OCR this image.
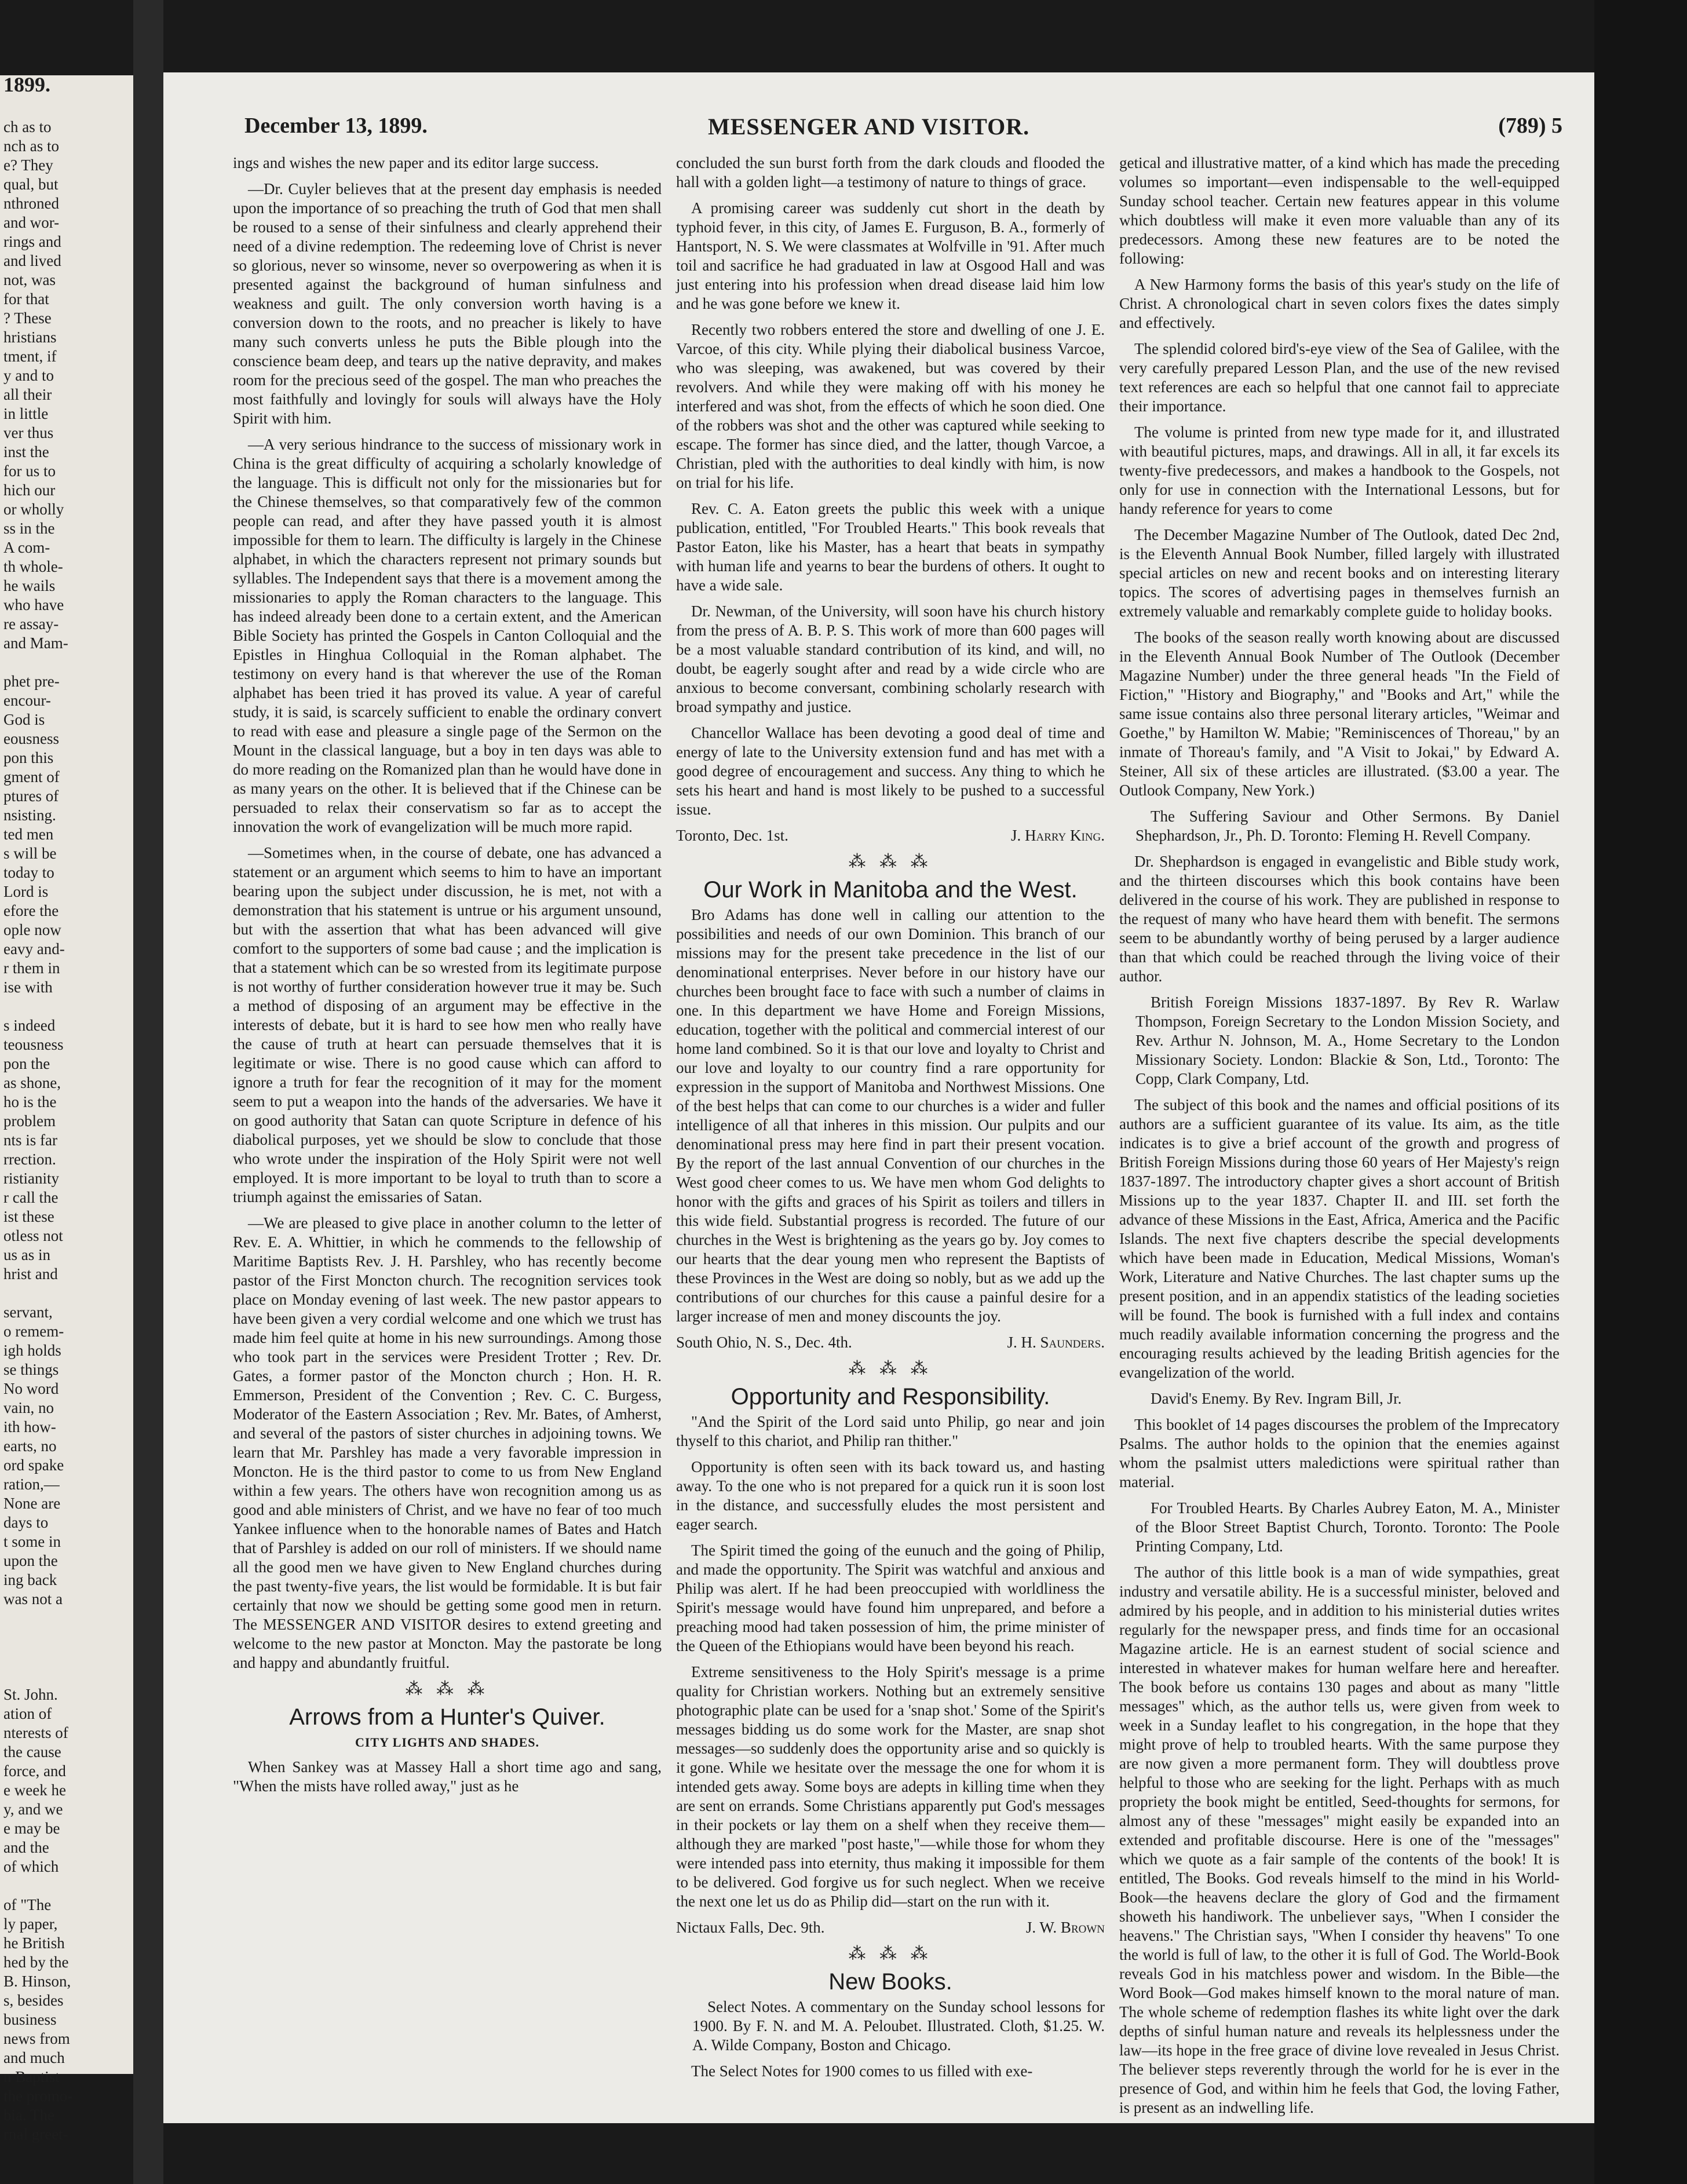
1899.
ch as to
nch as to
e? They
qual, but
nthroned
and wor-
rings and
and lived
not, was
for that
? These
hristians
tment, if
y and to
all their
in little
ver thus
inst the
for us to
hich our
or wholly
ss in the
A com-
th whole-
he wails
who have
re assay-
and Mam-

phet pre-
encour-
God is
eousness
pon this
gment of
ptures of
nsisting.
ted men
s will be
today to
Lord is
efore the
ople now
eavy and-
r them in
ise with

s indeed
teousness
pon the
as shone,
ho is the
problem
nts is far
rrection.
ristianity
r call the
ist these
otless not
us as in
hrist and

servant,
o remem-
igh holds
se things
No word
vain, no
ith how-
earts, no
ord spake
ration,—
None are
days to
t some in
upon the
ing back
was not a

St. John.
ation of
nterests of
the cause
force, and
e week he
y, and we
e may be
and the
of which

of "The
ly paper,
he British
hed by the
B. Hinson,
s, besides
business
news from
and much
n Baptist
the promo-
bia. The
rnal greet-
December 13, 1899.	MESSENGER AND VISITOR.	(789) 5

ings and wishes the new paper and its editor large success.

—Dr. Cuyler believes that at the present day emphasis is needed upon the importance of so preaching the truth of God that men shall be roused to a sense of their sinfulness and clearly apprehend their need of a divine redemption. The redeeming love of Christ is never so glorious, never so winsome, never so overpowering as when it is presented against the background of human sinfulness and weakness and guilt. The only conversion worth having is a conversion down to the roots, and no preacher is likely to have many such converts unless he puts the Bible plough into the conscience beam deep, and tears up the native depravity, and makes room for the precious seed of the gospel. The man who preaches the most faithfully and lovingly for souls will always have the Holy Spirit with him.

—A very serious hindrance to the success of missionary work in China is the great difficulty of acquiring a scholarly knowledge of the language. This is difficult not only for the missionaries but for the Chinese themselves, so that comparatively few of the common people can read, and after they have passed youth it is almost impossible for them to learn. The difficulty is largely in the Chinese alphabet, in which the characters represent not primary sounds but syllables. The Independent says that there is a movement among the missionaries to apply the Roman characters to the language. This has indeed already been done to a certain extent, and the American Bible Society has printed the Gospels in Canton Colloquial and the Epistles in Hinghua Colloquial in the Roman alphabet. The testimony on every hand is that wherever the use of the Roman alphabet has been tried it has proved its value. A year of careful study, it is said, is scarcely sufficient to enable the ordinary convert to read with ease and pleasure a single page of the Sermon on the Mount in the classical language, but a boy in ten days was able to do more reading on the Romanized plan than he would have done in as many years on the other. It is believed that if the Chinese can be persuaded to relax their conservatism so far as to accept the innovation the work of evangelization will be much more rapid.

—Sometimes when, in the course of debate, one has advanced a statement or an argument which seems to him to have an important bearing upon the subject under discussion, he is met, not with a demonstration that his statement is untrue or his argument unsound, but with the assertion that what has been advanced will give comfort to the supporters of some bad cause ; and the implication is that a statement which can be so wrested from its legitimate purpose is not worthy of further consideration however true it may be. Such a method of disposing of an argument may be effective in the interests of debate, but it is hard to see how men who really have the cause of truth at heart can persuade themselves that it is legitimate or wise. There is no good cause which can afford to ignore a truth for fear the recognition of it may for the moment seem to put a weapon into the hands of the adversaries. We have it on good authority that Satan can quote Scripture in defence of his diabolical purposes, yet we should be slow to conclude that those who wrote under the inspiration of the Holy Spirit were not well employed. It is more important to be loyal to truth than to score a triumph against the emissaries of Satan.

—We are pleased to give place in another column to the letter of Rev. E. A. Whittier, in which he commends to the fellowship of Maritime Baptists Rev. J. H. Parshley, who has recently become pastor of the First Moncton church. The recognition services took place on Monday evening of last week. The new pastor appears to have been given a very cordial welcome and one which we trust has made him feel quite at home in his new surroundings. Among those who took part in the services were President Trotter ; Rev. Dr. Gates, a former pastor of the Moncton church ; Hon. H. R. Emmerson, President of the Convention ; Rev. C. C. Burgess, Moderator of the Eastern Association ; Rev. Mr. Bates, of Amherst, and several of the pastors of sister churches in adjoining towns. We learn that Mr. Parshley has made a very favorable impression in Moncton. He is the third pastor to come to us from New England within a few years. The others have won recognition among us as good and able ministers of Christ, and we have no fear of too much Yankee influence when to the honorable names of Bates and Hatch that of Parshley is added on our roll of ministers. If we should name all the good men we have given to New England churches during the past twenty-five years, the list would be formidable. It is but fair certainly that now we should be getting some good men in return. The MESSENGER AND VISITOR desires to extend greeting and welcome to the new pastor at Moncton. May the pastorate be long and happy and abundantly fruitful.

⁂ ⁂ ⁂
Arrows from a Hunter's Quiver.
CITY LIGHTS AND SHADES.

When Sankey was at Massey Hall a short time ago and sang, "When the mists have rolled away," just as he

concluded the sun burst forth from the dark clouds and flooded the hall with a golden light—a testimony of nature to things of grace.

A promising career was suddenly cut short in the death by typhoid fever, in this city, of James E. Furguson, B. A., formerly of Hantsport, N. S. We were classmates at Wolfville in '91. After much toil and sacrifice he had graduated in law at Osgood Hall and was just entering into his profession when dread disease laid him low and he was gone before we knew it.

Recently two robbers entered the store and dwelling of one J. E. Varcoe, of this city. While plying their diabolical business Varcoe, who was sleeping, was awakened, but was covered by their revolvers. And while they were making off with his money he interfered and was shot, from the effects of which he soon died. One of the robbers was shot and the other was captured while seeking to escape. The former has since died, and the latter, though Varcoe, a Christian, pled with the authorities to deal kindly with him, is now on trial for his life.

Rev. C. A. Eaton greets the public this week with a unique publication, entitled, "For Troubled Hearts." This book reveals that Pastor Eaton, like his Master, has a heart that beats in sympathy with human life and yearns to bear the burdens of others. It ought to have a wide sale.

Dr. Newman, of the University, will soon have his church history from the press of A. B. P. S. This work of more than 600 pages will be a most valuable standard contribution of its kind, and will, no doubt, be eagerly sought after and read by a wide circle who are anxious to become conversant, combining scholarly research with broad sympathy and justice.

Chancellor Wallace has been devoting a good deal of time and energy of late to the University extension fund and has met with a good degree of encouragement and success. Any thing to which he sets his heart and hand is most likely to be pushed to a successful issue.

Toronto, Dec. 1st.	J. Harry King.
⁂ ⁂ ⁂
Our Work in Manitoba and the West.

Bro Adams has done well in calling our attention to the possibilities and needs of our own Dominion. This branch of our missions may for the present take precedence in the list of our denominational enterprises. Never before in our history have our churches been brought face to face with such a number of claims in one. In this department we have Home and Foreign Missions, education, together with the political and commercial interest of our home land combined. So it is that our love and loyalty to Christ and our love and loyalty to our country find a rare opportunity for expression in the support of Manitoba and Northwest Missions. One of the best helps that can come to our churches is a wider and fuller intelligence of all that inheres in this mission. Our pulpits and our denominational press may here find in part their present vocation. By the report of the last annual Convention of our churches in the West good cheer comes to us. We have men whom God delights to honor with the gifts and graces of his Spirit as toilers and tillers in this wide field. Substantial progress is recorded. The future of our churches in the West is brightening as the years go by. Joy comes to our hearts that the dear young men who represent the Baptists of these Provinces in the West are doing so nobly, but as we add up the contributions of our churches for this cause a painful desire for a larger increase of men and money discounts the joy.

South Ohio, N. S., Dec. 4th.	J. H. Saunders.
⁂ ⁂ ⁂
Opportunity and Responsibility.

"And the Spirit of the Lord said unto Philip, go near and join thyself to this chariot, and Philip ran thither."

Opportunity is often seen with its back toward us, and hasting away. To the one who is not prepared for a quick run it is soon lost in the distance, and successfully eludes the most persistent and eager search.

The Spirit timed the going of the eunuch and the going of Philip, and made the opportunity. The Spirit was watchful and anxious and Philip was alert. If he had been preoccupied with worldliness the Spirit's message would have found him unprepared, and before a preaching mood had taken possession of him, the prime minister of the Queen of the Ethiopians would have been beyond his reach.

Extreme sensitiveness to the Holy Spirit's message is a prime quality for Christian workers. Nothing but an extremely sensitive photographic plate can be used for a 'snap shot.' Some of the Spirit's messages bidding us do some work for the Master, are snap shot messages—so suddenly does the opportunity arise and so quickly is it gone. While we hesitate over the message the one for whom it is intended gets away. Some boys are adepts in killing time when they are sent on errands. Some Christians apparently put God's messages in their pockets or lay them on a shelf when they receive them—although they are marked "post haste,"—while those for whom they were intended pass into eternity, thus making it impossible for them to be delivered. God forgive us for such neglect. When we receive the next one let us do as Philip did—start on the run with it.

Nictaux Falls, Dec. 9th.	J. W. Brown
⁂ ⁂ ⁂
New Books.

Select Notes. A commentary on the Sunday school lessons for 1900. By F. N. and M. A. Peloubet. Illustrated. Cloth, $1.25. W. A. Wilde Company, Boston and Chicago.

The Select Notes for 1900 comes to us filled with exe-

getical and illustrative matter, of a kind which has made the preceding volumes so important—even indispensable to the well-equipped Sunday school teacher. Certain new features appear in this volume which doubtless will make it even more valuable than any of its predecessors. Among these new features are to be noted the following:

A New Harmony forms the basis of this year's study on the life of Christ. A chronological chart in seven colors fixes the dates simply and effectively.

The splendid colored bird's-eye view of the Sea of Galilee, with the very carefully prepared Lesson Plan, and the use of the new revised text references are each so helpful that one cannot fail to appreciate their importance.

The volume is printed from new type made for it, and illustrated with beautiful pictures, maps, and drawings. All in all, it far excels its twenty-five predecessors, and makes a handbook to the Gospels, not only for use in connection with the International Lessons, but for handy reference for years to come

The December Magazine Number of The Outlook, dated Dec 2nd, is the Eleventh Annual Book Number, filled largely with illustrated special articles on new and recent books and on interesting literary topics. The scores of advertising pages in themselves furnish an extremely valuable and remarkably complete guide to holiday books.

The books of the season really worth knowing about are discussed in the Eleventh Annual Book Number of The Outlook (December Magazine Number) under the three general heads "In the Field of Fiction," "History and Biography," and "Books and Art," while the same issue contains also three personal literary articles, "Weimar and Goethe," by Hamilton W. Mabie; "Reminiscences of Thoreau," by an inmate of Thoreau's family, and "A Visit to Jokai," by Edward A. Steiner, All six of these articles are illustrated. ($3.00 a year. The Outlook Company, New York.)

The Suffering Saviour and Other Sermons. By Daniel Shephardson, Jr., Ph. D. Toronto: Fleming H. Revell Company.

Dr. Shephardson is engaged in evangelistic and Bible study work, and the thirteen discourses which this book contains have been delivered in the course of his work. They are published in response to the request of many who have heard them with benefit. The sermons seem to be abundantly worthy of being perused by a larger audience than that which could be reached through the living voice of their author.

British Foreign Missions 1837-1897. By Rev R. Warlaw Thompson, Foreign Secretary to the London Mission Society, and Rev. Arthur N. Johnson, M. A., Home Secretary to the London Missionary Society. London: Blackie & Son, Ltd., Toronto: The Copp, Clark Company, Ltd.

The subject of this book and the names and official positions of its authors are a sufficient guarantee of its value. Its aim, as the title indicates is to give a brief account of the growth and progress of British Foreign Missions during those 60 years of Her Majesty's reign 1837-1897. The introductory chapter gives a short account of British Missions up to the year 1837. Chapter II. and III. set forth the advance of these Missions in the East, Africa, America and the Pacific Islands. The next five chapters describe the special developments which have been made in Education, Medical Missions, Woman's Work, Literature and Native Churches. The last chapter sums up the present position, and in an appendix statistics of the leading societies will be found. The book is furnished with a full index and contains much readily available information concerning the progress and the encouraging results achieved by the leading British agencies for the evangelization of the world.

David's Enemy. By Rev. Ingram Bill, Jr.

This booklet of 14 pages discourses the problem of the Imprecatory Psalms. The author holds to the opinion that the enemies against whom the psalmist utters maledictions were spiritual rather than material.

For Troubled Hearts. By Charles Aubrey Eaton, M. A., Minister of the Bloor Street Baptist Church, Toronto. Toronto: The Poole Printing Company, Ltd.

The author of this little book is a man of wide sympathies, great industry and versatile ability. He is a successful minister, beloved and admired by his people, and in addition to his ministerial duties writes regularly for the newspaper press, and finds time for an occasional Magazine article. He is an earnest student of social science and interested in whatever makes for human welfare here and hereafter. The book before us contains 130 pages and about as many "little messages" which, as the author tells us, were given from week to week in a Sunday leaflet to his congregation, in the hope that they might prove of help to troubled hearts. With the same purpose they are now given a more permanent form. They will doubtless prove helpful to those who are seeking for the light. Perhaps with as much propriety the book might be entitled, Seed-thoughts for sermons, for almost any of these "messages" might easily be expanded into an extended and profitable discourse. Here is one of the "messages" which we quote as a fair sample of the contents of the book! It is entitled, The Books. God reveals himself to the mind in his World-Book—the heavens declare the glory of God and the firmament showeth his handiwork. The unbeliever says, "When I consider the heavens." The Christian says, "When I consider thy heavens" To one the world is full of law, to the other it is full of God. The World-Book reveals God in his matchless power and wisdom. In the Bible—the Word Book—God makes himself known to the moral nature of man. The whole scheme of redemption flashes its white light over the dark depths of sinful human nature and reveals its helplessness under the law—its hope in the free grace of divine love revealed in Jesus Christ. The believer steps reverently through the world for he is ever in the presence of God, and within him he feels that God, the loving Father, is present as an indwelling life.
